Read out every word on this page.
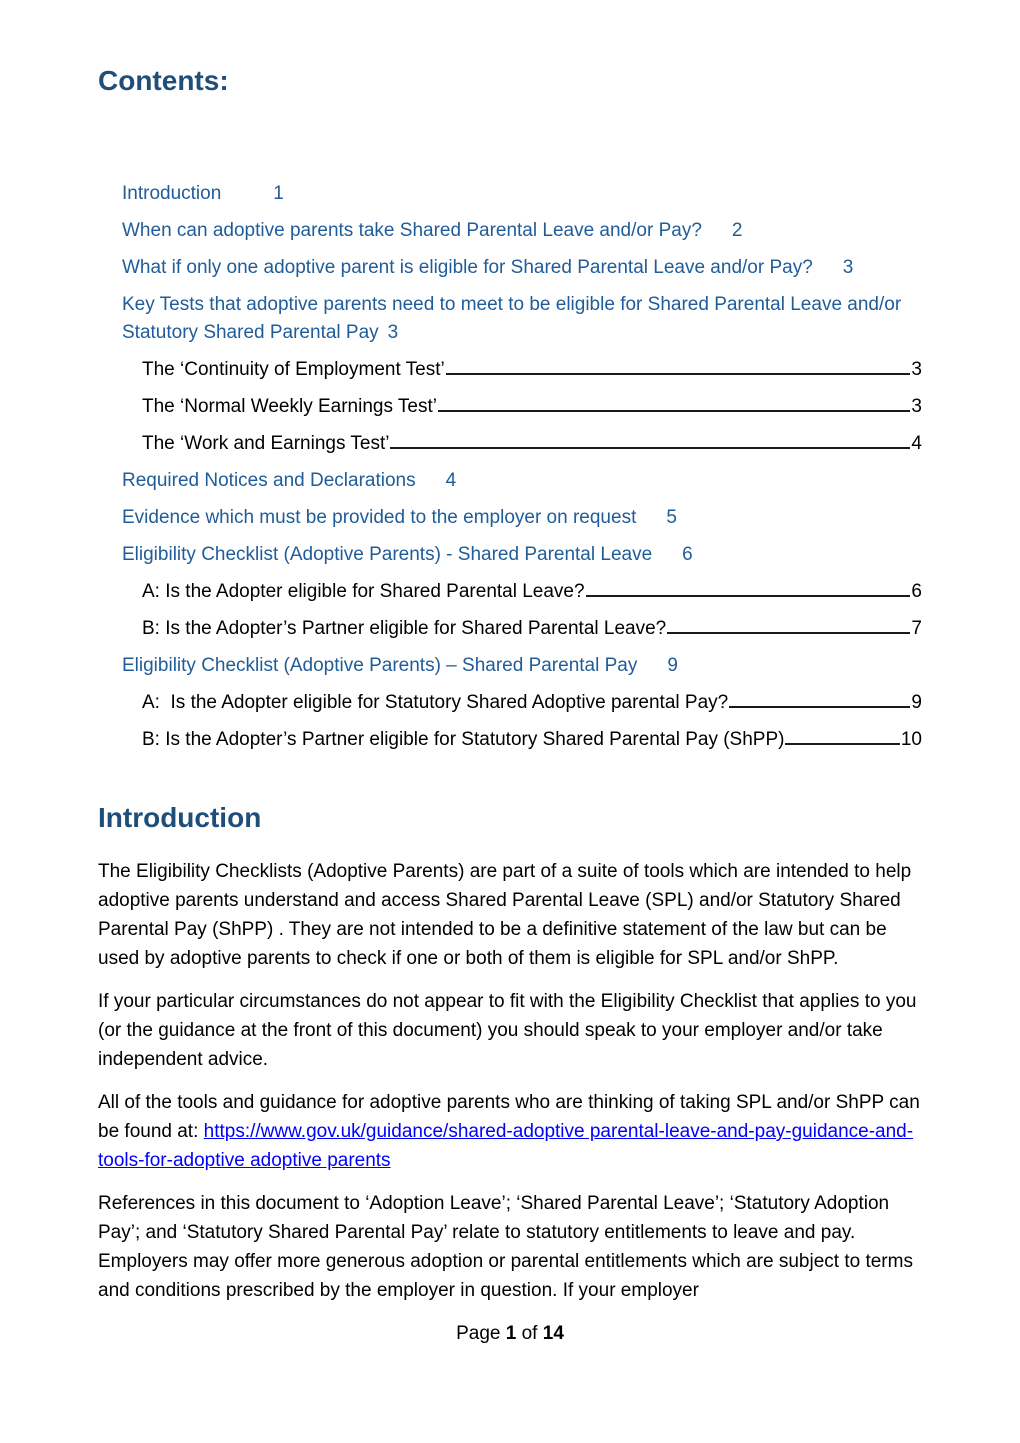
Contents:
Introduction	1
When can adoptive parents take Shared Parental Leave and/or Pay? 2
What if only one adoptive parent is eligible for Shared Parental Leave and/or Pay? 3
Key Tests that adoptive parents need to meet to be eligible for Shared Parental Leave and/or Statutory Shared Parental Pay 3
The ‘Continuity of Employment Test’	3
The ‘Normal Weekly Earnings Test’	3
The ‘Work and Earnings Test’	4
Required Notices and Declarations 4
Evidence which must be provided to the employer on request 5
Eligibility Checklist (Adoptive Parents) - Shared Parental Leave 6
A: Is the Adopter eligible for Shared Parental Leave?	6
B: Is the Adopter’s Partner eligible for Shared Parental Leave?	7
Eligibility Checklist (Adoptive Parents) – Shared Parental Pay 9
A:  Is the Adopter eligible for Statutory Shared Adoptive parental Pay?	9
B: Is the Adopter’s Partner eligible for Statutory Shared Parental Pay (ShPP)	10
Introduction

The Eligibility Checklists (Adoptive Parents) are part of a suite of tools which are intended to help adoptive parents understand and access Shared Parental Leave (SPL) and/or Statutory Shared Parental Pay (ShPP) . They are not intended to be a definitive statement of the law but can be used by adoptive parents to check if one or both of them is eligible for SPL and/or ShPP.

If your particular circumstances do not appear to fit with the Eligibility Checklist that applies to you (or the guidance at the front of this document) you should speak to your employer and/or take independent advice.

All of the tools and guidance for adoptive parents who are thinking of taking SPL and/or ShPP can be found at: https://www.gov.uk/guidance/shared-adoptive parental-leave-and-pay-guidance-and-tools-for-adoptive adoptive parents

References in this document to ‘Adoption Leave’; ‘Shared Parental Leave’; ‘Statutory Adoption Pay’; and ‘Statutory Shared Parental Pay’ relate to statutory entitlements to leave and pay. Employers may offer more generous adoption or parental entitlements which are subject to terms and conditions prescribed by the employer in question. If your employer

Page 1 of 14
